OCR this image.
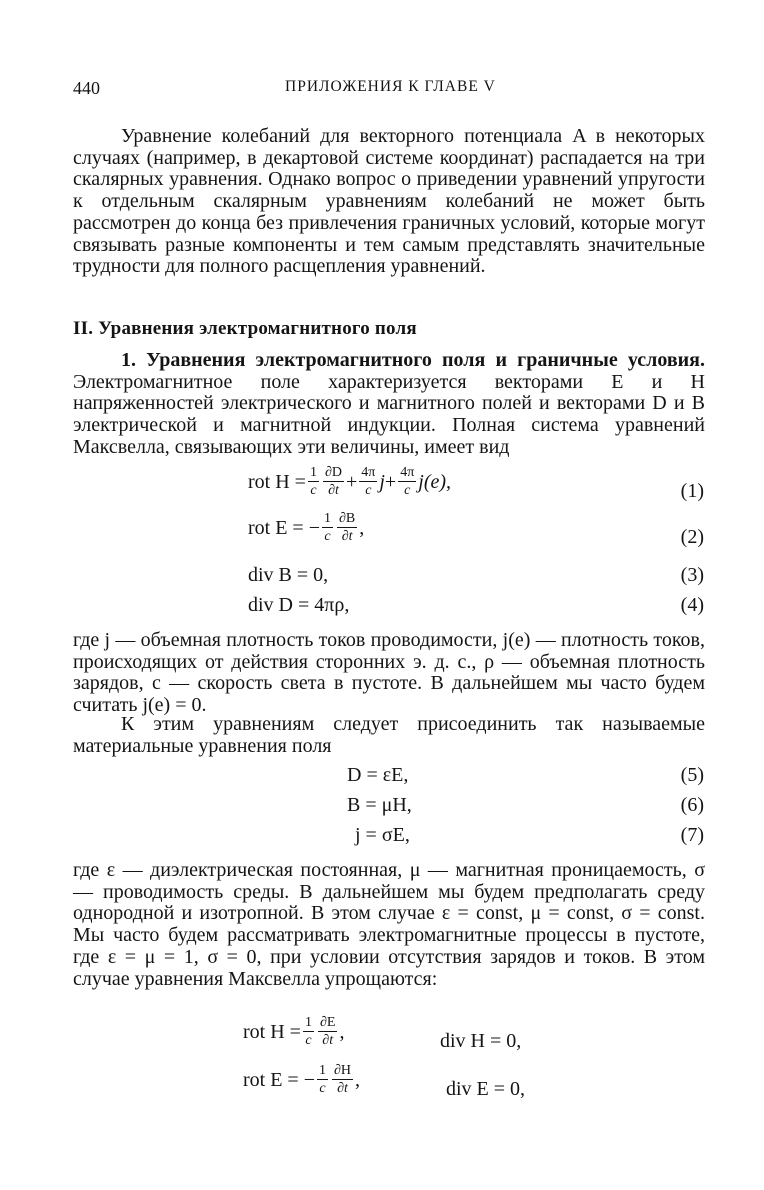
440	ПРИЛОЖЕНИЯ К ГЛАВЕ V

Уравнение колебаний для векторного потенциала A в некоторых случаях (например, в декартовой системе координат) распадается на три скалярных уравнения. Однако вопрос о приведении уравнений упругости к отдельным скалярным уравнениям колебаний не может быть рассмотрен до конца без привлечения граничных условий, которые могут связывать разные компоненты и тем самым представлять значительные трудности для полного расщепления уравнений.

II. Уравнения электромагнитного поля

1. Уравнения электромагнитного поля и граничные условия. Электромагнитное поле характеризуется векторами E и H напряженностей электрического и магнитного полей и векторами D и B электрической и магнитной индукции. Полная система уравнений Максвелла, связывающих эти величины, имеет вид

rot $H = \frac{1}{c} \frac{\partial D}{\partial t} + \frac{4\pi}{c}$ $j + \frac{4\pi}{c} j(e)$,	(1)
rot E = − $\frac{1}{c} \frac{\partial B}{\partial t}$ ,	(2)
div B = 0,	(3)
div D = 4πρ,	(4)

где j — объемная плотность токов проводимости, j(e) — плотность токов, происходящих от действия сторонних э. д. с., ρ — объемная плотность зарядов, c — скорость света в пустоте. В дальнейшем мы часто будем считать j(e) = 0.

К этим уравнениям следует присоединить так называемые материальные уравнения поля

D = εE,	(5)
B = μH,	(6)
j = σE,	(7)

где ε — диэлектрическая постоянная, μ — магнитная проницаемость, σ — проводимость среды. В дальнейшем мы будем предполагать среду однородной и изотропной. В этом случае ε = const, μ = const, σ = const. Мы часто будем рассматривать электромагнитные процессы в пустоте, где ε = μ = 1, σ = 0, при условии отсутствия зарядов и токов. В этом случае уравнения Максвелла упрощаются:

rot $H = \frac{1}{c} \frac{\partial E}{\partial t}$ ,	div H = 0,
rot E = − $\frac{1}{c} \frac{\partial H}{\partial t}$ ,	div E = 0,
